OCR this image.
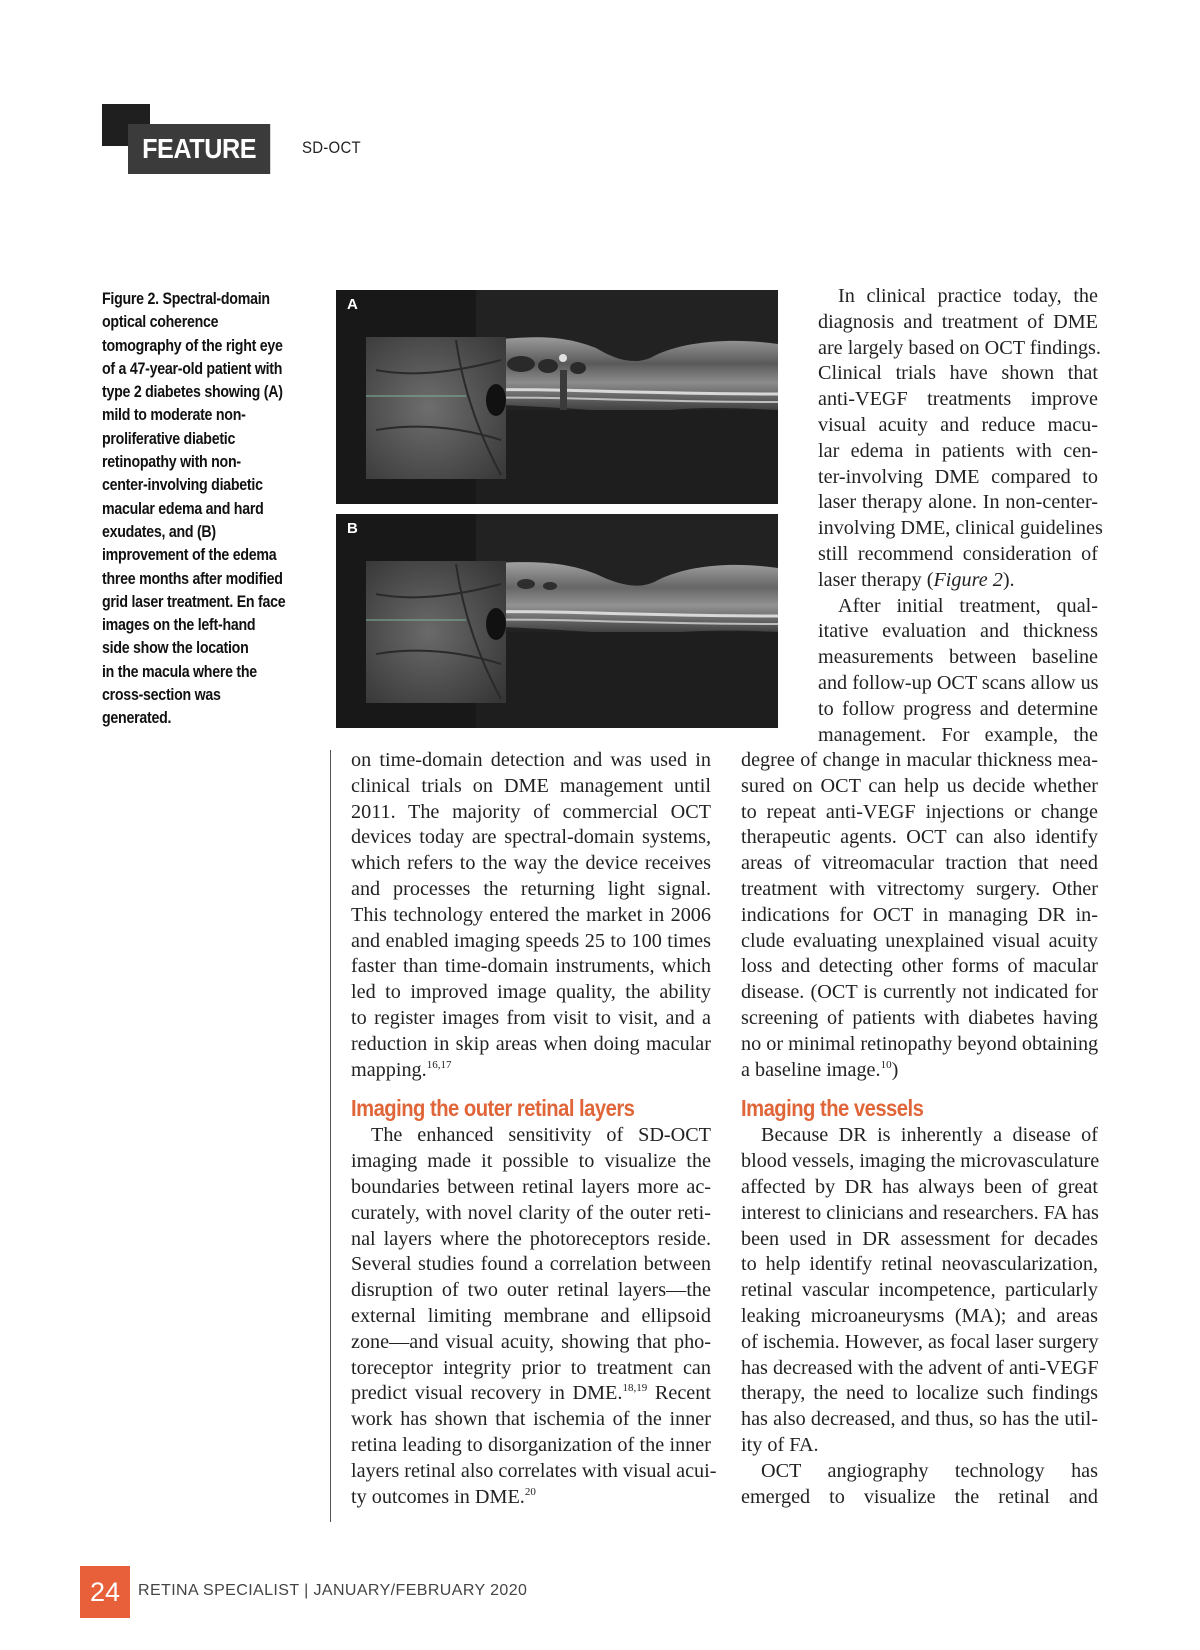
FEATURE	SD-OCT
Figure 2. Spectral-domain
optical coherence
tomography of the right eye
of a 47-year-old patient with
type 2 diabetes showing (A)
mild to moderate non-
proliferative diabetic
retinopathy with non-
center-involving diabetic
macular edema and hard
exudates, and (B)
improvement of the edema
three months after modified
grid laser treatment. En face
images on the left-hand
side show the location
in the macula where the
cross-section was
generated.
A
B
In clinical practice today, the
diagnosis and treatment of DME
are largely based on OCT findings.
Clinical trials have shown that
anti-VEGF treatments improve
visual acuity and reduce macu-
lar edema in patients with cen-
ter-involving DME compared to
laser therapy alone. In non-center-
involving DME, clinical guidelines
still recommend consideration of
laser therapy (Figure 2).
After initial treatment, qual-
itative evaluation and thickness
measurements between baseline
and follow-up OCT scans allow us
to follow progress and determine
management. For example, the
on time-domain detection and was used in
clinical trials on DME management until
2011. The majority of commercial OCT
devices today are spectral-domain systems,
which refers to the way the device receives
and processes the returning light signal.
This technology entered the market in 2006
and enabled imaging speeds 25 to 100 times
faster than time-domain instruments, which
led to improved image quality, the ability
to register images from visit to visit, and a
reduction in skip areas when doing macular
mapping.$^{16,17}$
Imaging the outer retinal layers
The enhanced sensitivity of SD-OCT
imaging made it possible to visualize the
boundaries between retinal layers more ac-
curately, with novel clarity of the outer reti-
nal layers where the photoreceptors reside.
Several studies found a correlation between
disruption of two outer retinal layers—the
external limiting membrane and ellipsoid
zone—and visual acuity, showing that pho-
toreceptor integrity prior to treatment can
predict visual recovery in DME.$^{18,19}$ Recent
work has shown that ischemia of the inner
retina leading to disorganization of the inner
layers retinal also correlates with visual acui-
ty outcomes in DME.$^{20}$
degree of change in macular thickness mea-
sured on OCT can help us decide whether
to repeat anti-VEGF injections or change
therapeutic agents. OCT can also identify
areas of vitreomacular traction that need
treatment with vitrectomy surgery. Other
indications for OCT in managing DR in-
clude evaluating unexplained visual acuity
loss and detecting other forms of macular
disease. (OCT is currently not indicated for
screening of patients with diabetes having
no or minimal retinopathy beyond obtaining
a baseline image.$^{10}$)
Imaging the vessels
Because DR is inherently a disease of
blood vessels, imaging the microvasculature
affected by DR has always been of great
interest to clinicians and researchers. FA has
been used in DR assessment for decades
to help identify retinal neovascularization,
retinal vascular incompetence, particularly
leaking microaneurysms (MA); and areas
of ischemia. However, as focal laser surgery
has decreased with the advent of anti-VEGF
therapy, the need to localize such findings
has also decreased, and thus, so has the util-
ity of FA.
OCT angiography technology has
emerged to visualize the retinal and
24	RETINA SPECIALIST | JANUARY/FEBRUARY 2020
